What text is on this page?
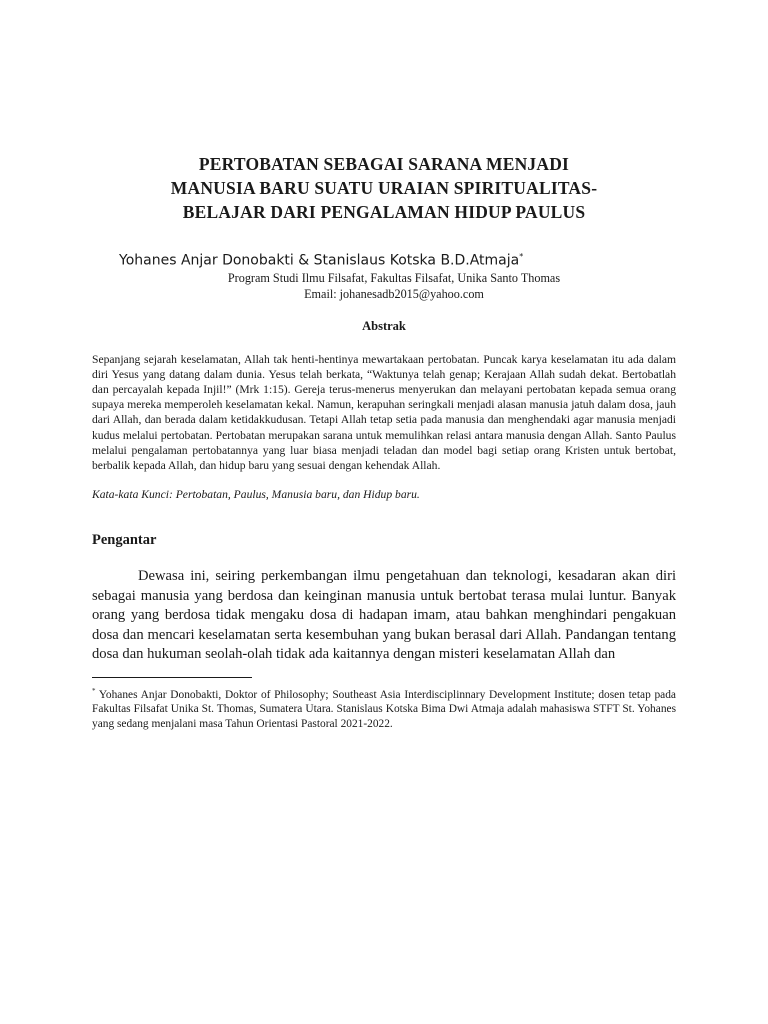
PERTOBATAN SEBAGAI SARANA MENJADI
MANUSIA BARU SUATU URAIAN SPIRITUALITAS-
BELAJAR DARI PENGALAMAN HIDUP PAULUS
Yohanes Anjar Donobakti & Stanislaus Kotska B.D.Atmaja*
Program Studi Ilmu Filsafat, Fakultas Filsafat, Unika Santo Thomas
Email: johanesadb2015@yahoo.com
Abstrak
Sepanjang sejarah keselamatan, Allah tak henti-hentinya mewartakaan pertobatan. Puncak karya keselamatan itu ada dalam diri Yesus yang datang dalam dunia. Yesus telah berkata, “Waktunya telah genap; Kerajaan Allah sudah dekat. Bertobatlah dan percayalah kepada Injil!” (Mrk 1:15). Gereja terus-menerus menyerukan dan melayani pertobatan kepada semua orang supaya mereka memperoleh keselamatan kekal. Namun, kerapuhan seringkali menjadi alasan manusia jatuh dalam dosa, jauh dari Allah, dan berada dalam ketidakkudusan. Tetapi Allah tetap setia pada manusia dan menghendaki agar manusia menjadi kudus melalui pertobatan. Pertobatan merupakan sarana untuk memulihkan relasi antara manusia dengan Allah. Santo Paulus melalui pengalaman pertobatannya yang luar biasa menjadi teladan dan model bagi setiap orang Kristen untuk bertobat, berbalik kepada Allah, dan hidup baru yang sesuai dengan kehendak Allah.
Kata-kata Kunci: Pertobatan, Paulus, Manusia baru, dan Hidup baru.
Pengantar
Dewasa ini, seiring perkembangan ilmu pengetahuan dan teknologi, kesadaran akan diri sebagai manusia yang berdosa dan keinginan manusia untuk bertobat terasa mulai luntur. Banyak orang yang berdosa tidak mengaku dosa di hadapan imam, atau bahkan menghindari pengakuan dosa dan mencari keselamatan serta kesembuhan yang bukan berasal dari Allah. Pandangan tentang dosa dan hukuman seolah-olah tidak ada kaitannya dengan misteri keselamatan Allah dan
* Yohanes Anjar Donobakti, Doktor of Philosophy; Southeast Asia Interdisciplinnary Development Institute; dosen tetap pada Fakultas Filsafat Unika St. Thomas, Sumatera Utara. Stanislaus Kotska Bima Dwi Atmaja adalah mahasiswa STFT St. Yohanes yang sedang menjalani masa Tahun Orientasi Pastoral 2021-2022.
